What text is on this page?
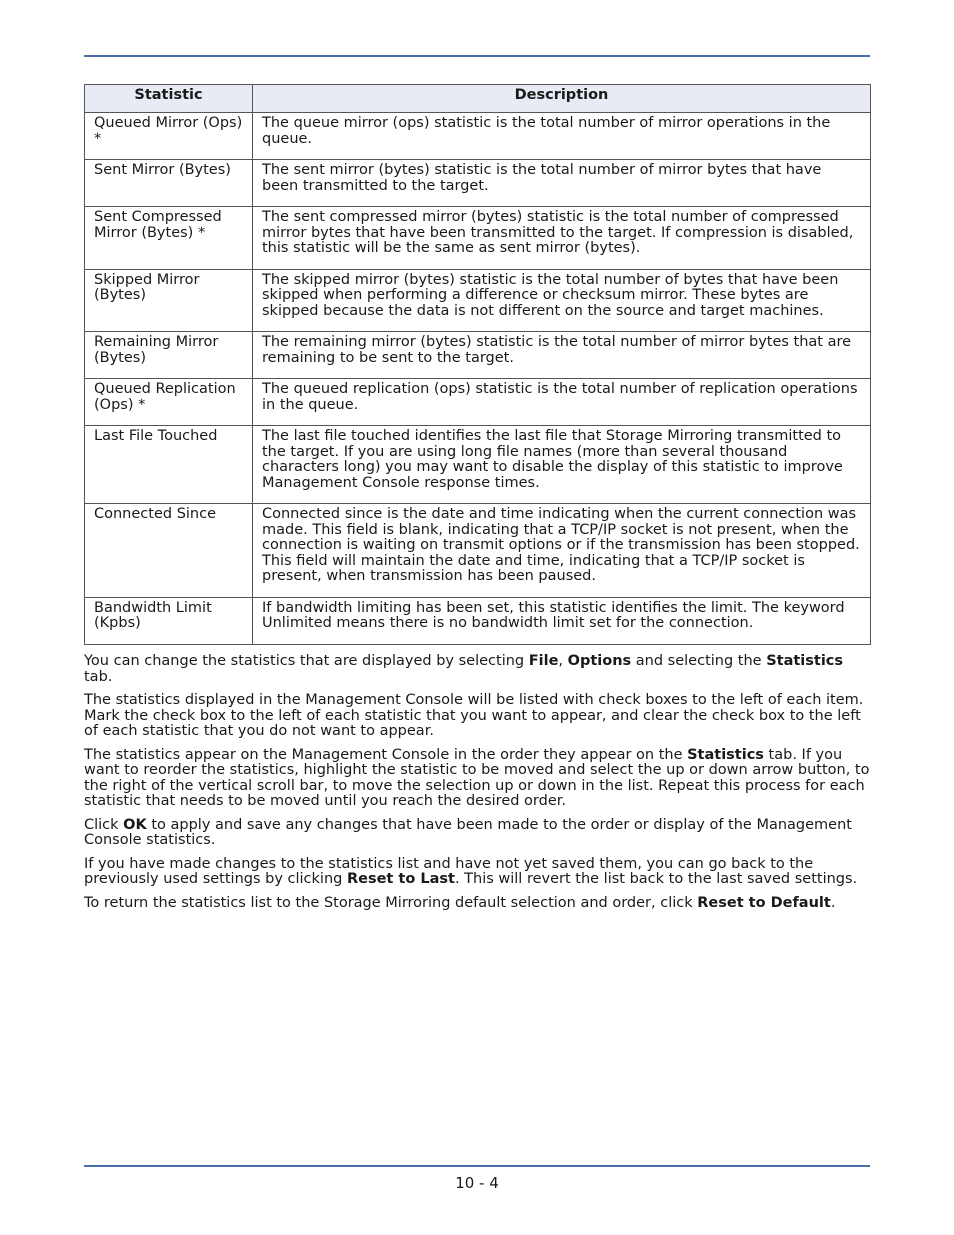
Statistic	Description
Queued Mirror (Ops) *	The queue mirror (ops) statistic is the total number of mirror operations in the queue.
Sent Mirror (Bytes)	The sent mirror (bytes) statistic is the total number of mirror bytes that have been transmitted to the target.
Sent Compressed Mirror (Bytes) *	The sent compressed mirror (bytes) statistic is the total number of compressed mirror bytes that have been transmitted to the target. If compression is disabled, this statistic will be the same as sent mirror (bytes).
Skipped Mirror (Bytes)	The skipped mirror (bytes) statistic is the total number of bytes that have been skipped when performing a difference or checksum mirror. These bytes are skipped because the data is not different on the source and target machines.
Remaining Mirror (Bytes)	The remaining mirror (bytes) statistic is the total number of mirror bytes that are remaining to be sent to the target.
Queued Replication (Ops) *	The queued replication (ops) statistic is the total number of replication operations in the queue.
Last File Touched	The last file touched identifies the last file that Storage Mirroring transmitted to the target. If you are using long file names (more than several thousand characters long) you may want to disable the display of this statistic to improve Management Console response times.
Connected Since	Connected since is the date and time indicating when the current connection was made. This field is blank, indicating that a TCP/IP socket is not present, when the connection is waiting on transmit options or if the transmission has been stopped. This field will maintain the date and time, indicating that a TCP/IP socket is present, when transmission has been paused.
Bandwidth Limit (Kpbs)	If bandwidth limiting has been set, this statistic identifies the limit. The keyword Unlimited means there is no bandwidth limit set for the connection.

You can change the statistics that are displayed by selecting File, Options and selecting the Statistics tab.

The statistics displayed in the Management Console will be listed with check boxes to the left of each item. Mark the check box to the left of each statistic that you want to appear, and clear the check box to the left of each statistic that you do not want to appear.

The statistics appear on the Management Console in the order they appear on the Statistics tab. If you want to reorder the statistics, highlight the statistic to be moved and select the up or down arrow button, to the right of the vertical scroll bar, to move the selection up or down in the list. Repeat this process for each statistic that needs to be moved until you reach the desired order.

Click OK to apply and save any changes that have been made to the order or display of the Management Console statistics.

If you have made changes to the statistics list and have not yet saved them, you can go back to the previously used settings by clicking Reset to Last. This will revert the list back to the last saved settings.

To return the statistics list to the Storage Mirroring default selection and order, click Reset to Default.

10 - 4
